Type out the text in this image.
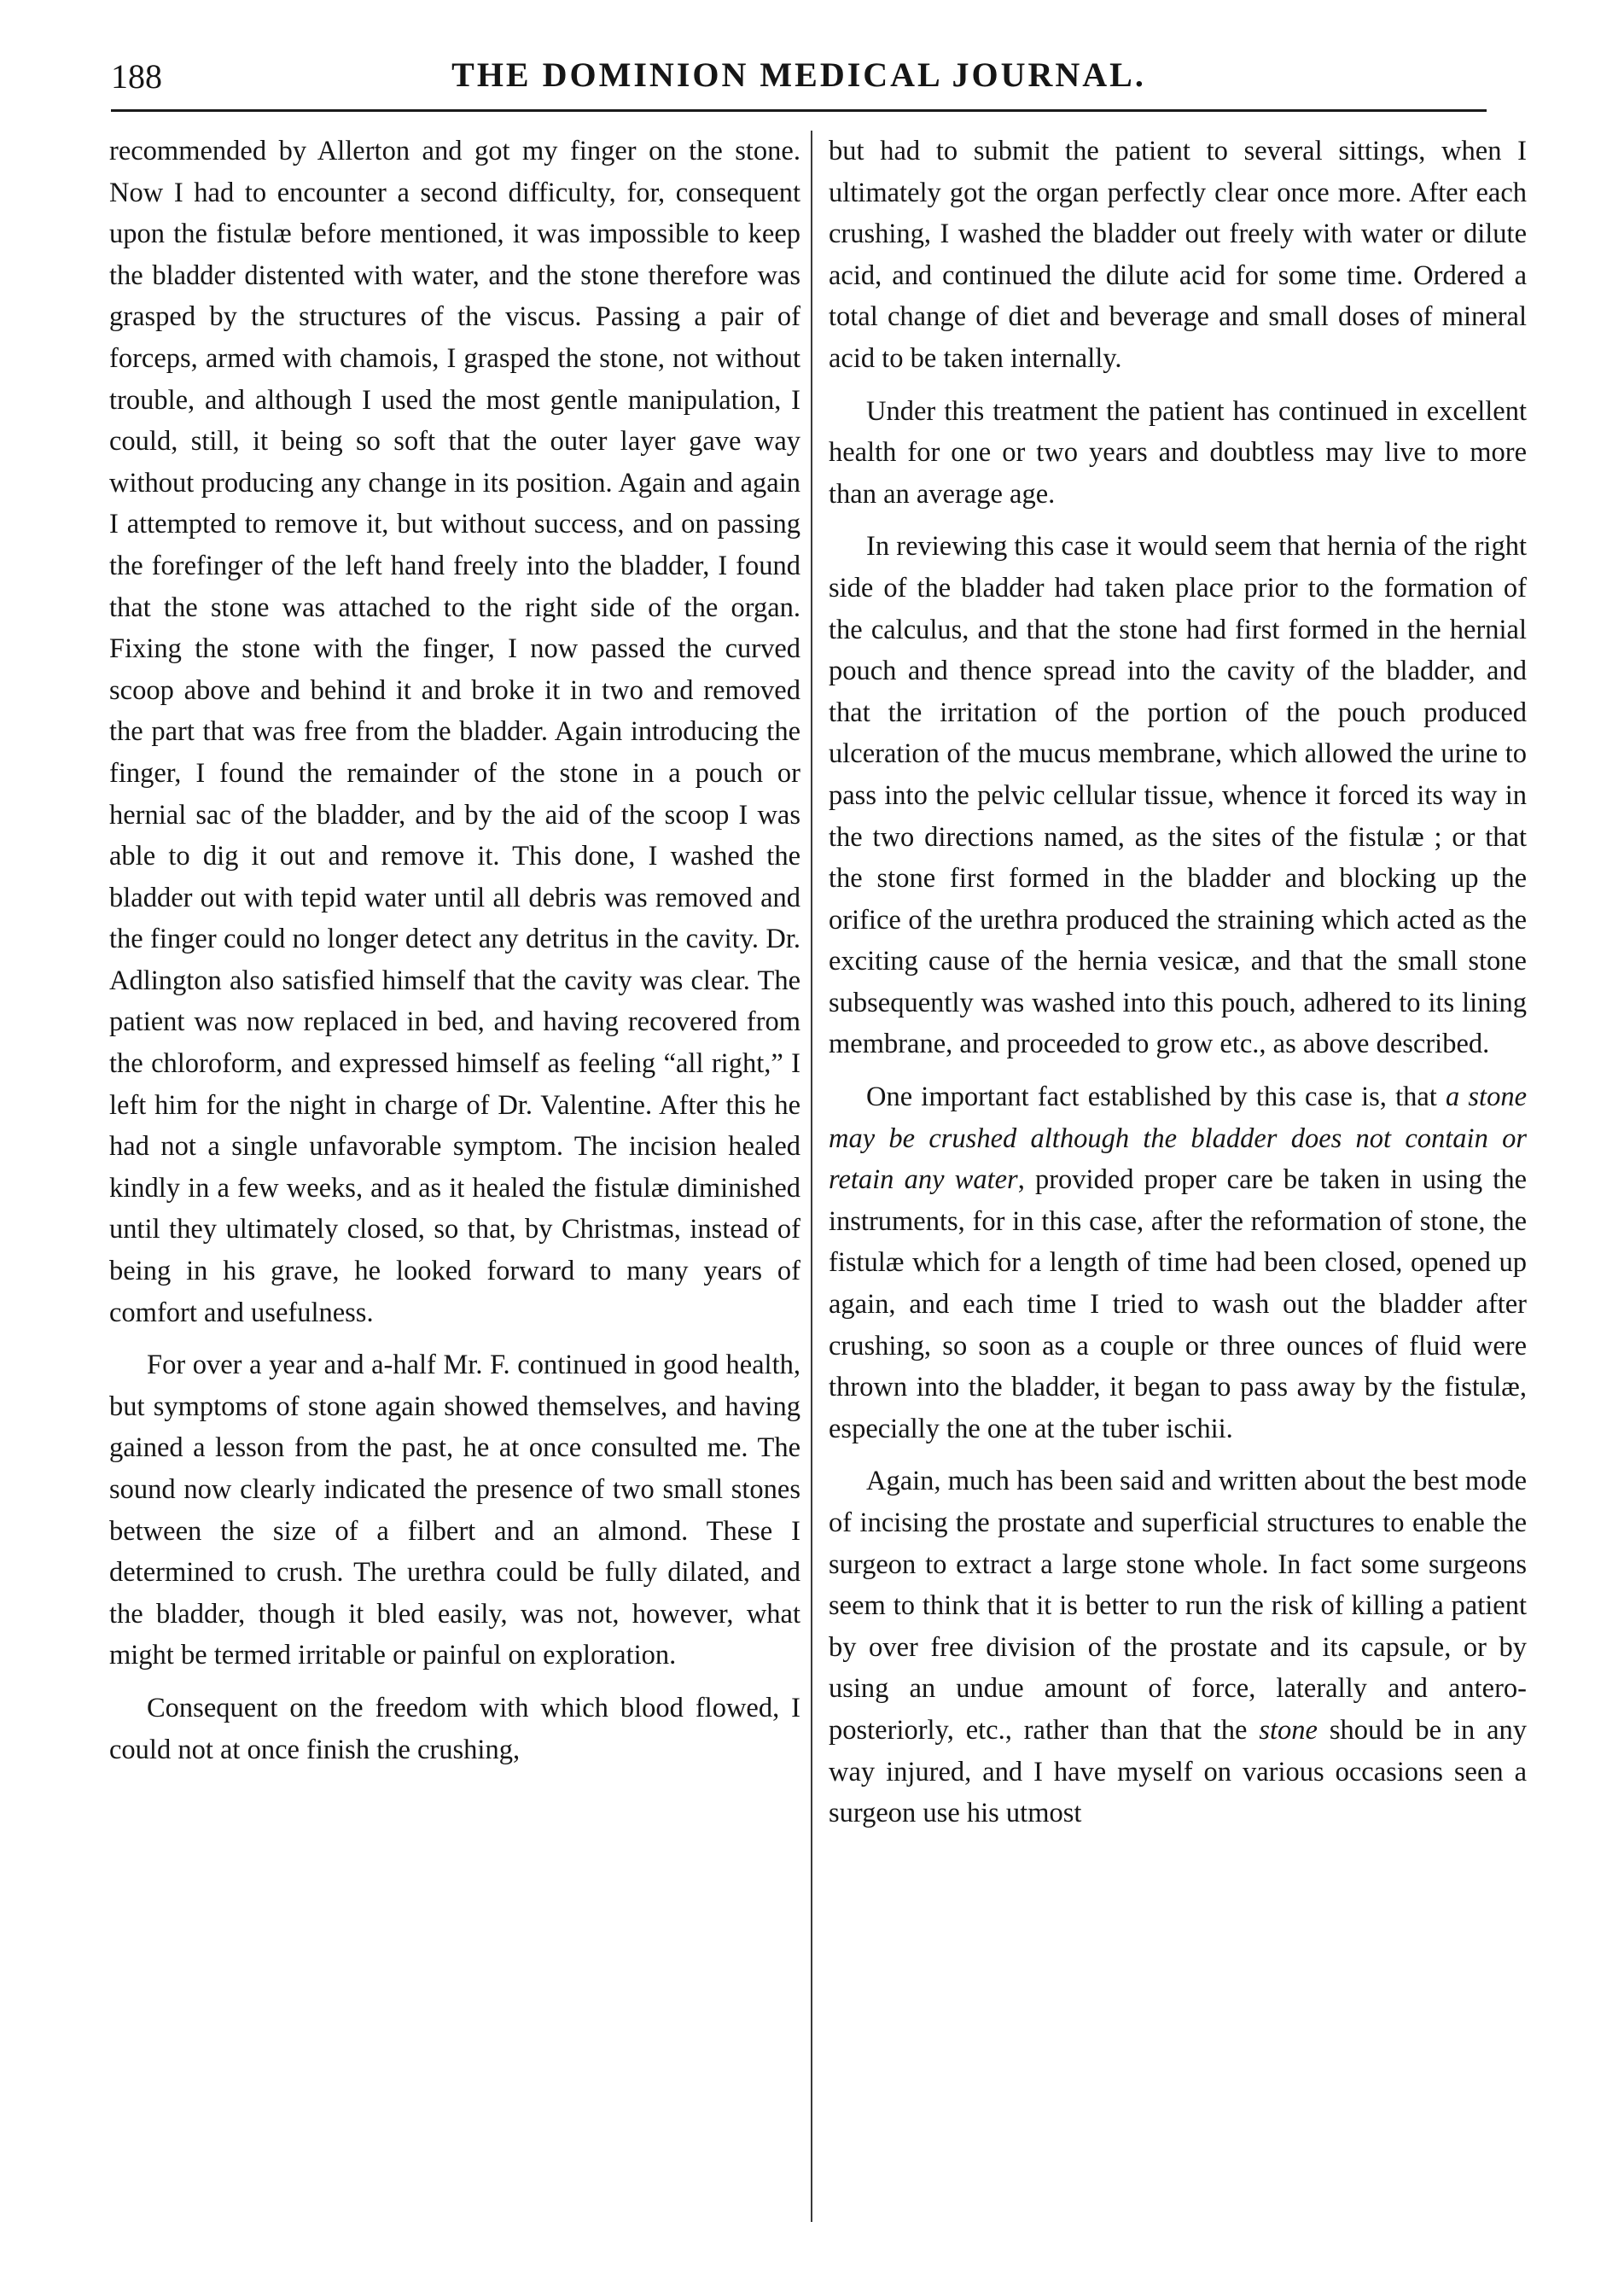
188	THE DOMINION MEDICAL JOURNAL.

recommended by Allerton and got my finger on the stone. Now I had to encounter a second difficulty, for, consequent upon the fistulæ before mentioned, it was impossible to keep the bladder distented with water, and the stone therefore was grasped by the structures of the viscus. Passing a pair of forceps, armed with chamois, I grasped the stone, not without trouble, and although I used the most gentle manipulation, I could, still, it being so soft that the outer layer gave way without producing any change in its position. Again and again I attempted to remove it, but without success, and on passing the forefinger of the left hand freely into the bladder, I found that the stone was attached to the right side of the organ. Fixing the stone with the finger, I now passed the curved scoop above and behind it and broke it in two and removed the part that was free from the bladder. Again introducing the finger, I found the remainder of the stone in a pouch or hernial sac of the bladder, and by the aid of the scoop I was able to dig it out and remove it. This done, I washed the bladder out with tepid water until all debris was removed and the finger could no longer detect any detritus in the cavity. Dr. Adlington also satisfied himself that the cavity was clear. The patient was now replaced in bed, and having recovered from the chloroform, and expressed himself as feeling “all right,” I left him for the night in charge of Dr. Valentine. After this he had not a single unfavorable symptom. The incision healed kindly in a few weeks, and as it healed the fistulæ diminished until they ultimately closed, so that, by Christmas, instead of being in his grave, he looked forward to many years of comfort and usefulness.

For over a year and a-half Mr. F. continued in good health, but symptoms of stone again showed themselves, and having gained a lesson from the past, he at once consulted me. The sound now clearly indicated the presence of two small stones between the size of a filbert and an almond. These I determined to crush. The urethra could be fully dilated, and the bladder, though it bled easily, was not, however, what might be termed irritable or painful on exploration.

Consequent on the freedom with which blood flowed, I could not at once finish the crushing,

but had to submit the patient to several sittings, when I ultimately got the organ perfectly clear once more. After each crushing, I washed the bladder out freely with water or dilute acid, and continued the dilute acid for some time. Ordered a total change of diet and beverage and small doses of mineral acid to be taken internally.

Under this treatment the patient has continued in excellent health for one or two years and doubtless may live to more than an average age.

In reviewing this case it would seem that hernia of the right side of the bladder had taken place prior to the formation of the calculus, and that the stone had first formed in the hernial pouch and thence spread into the cavity of the bladder, and that the irritation of the portion of the pouch produced ulceration of the mucus membrane, which allowed the urine to pass into the pelvic cellular tissue, whence it forced its way in the two directions named, as the sites of the fistulæ ; or that the stone first formed in the bladder and blocking up the orifice of the urethra produced the straining which acted as the exciting cause of the hernia vesicæ, and that the small stone subsequently was washed into this pouch, adhered to its lining membrane, and proceeded to grow etc., as above described.

One important fact established by this case is, that a stone may be crushed although the bladder does not contain or retain any water, provided proper care be taken in using the instruments, for in this case, after the reformation of stone, the fistulæ which for a length of time had been closed, opened up again, and each time I tried to wash out the bladder after crushing, so soon as a couple or three ounces of fluid were thrown into the bladder, it began to pass away by the fistulæ, especially the one at the tuber ischii.

Again, much has been said and written about the best mode of incising the prostate and superficial structures to enable the surgeon to extract a large stone whole. In fact some surgeons seem to think that it is better to run the risk of killing a patient by over free division of the prostate and its capsule, or by using an undue amount of force, laterally and antero-posteriorly, etc., rather than that the stone should be in any way injured, and I have myself on various occasions seen a surgeon use his utmost
